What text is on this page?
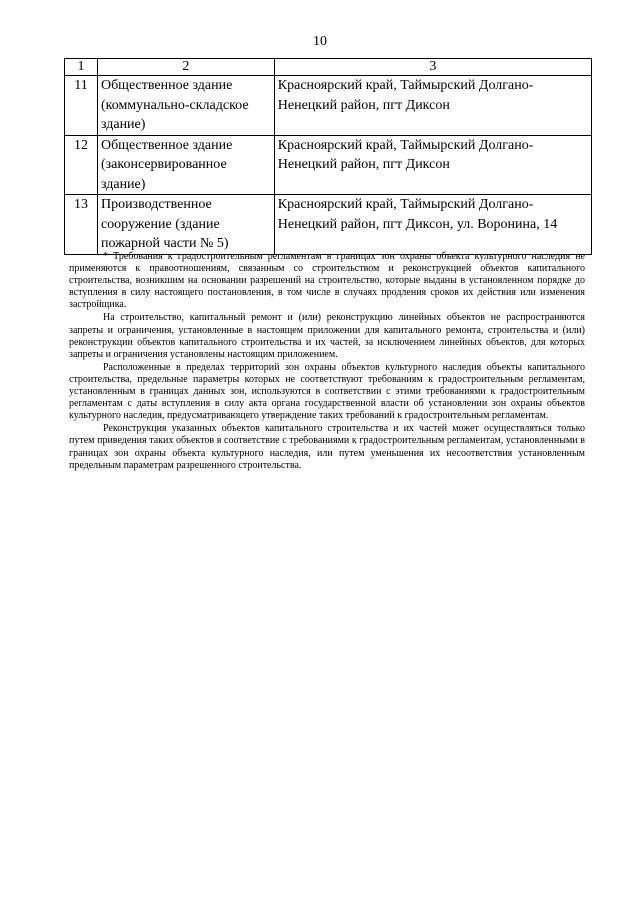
10
1	2	3
11	Общественное здание (коммунально-складское здание)	Красноярский край, Таймырский Долгано-Ненецкий район, пгт Диксон
12	Общественное здание (законсервированное здание)	Красноярский край, Таймырский Долгано-Ненецкий район, пгт Диксон
13	Производственное сооружение (здание пожарной части № 5)	Красноярский край, Таймырский Долгано-Ненецкий район, пгт Диксон, ул. Воронина, 14

* Требования к градостроительным регламентам в границах зон охраны объекта культурного наследия не применяются к правоотношениям, связанным со строительством и реконструкцией объектов капитального строительства, возникшим на основании разрешений на строительство, которые выданы в установленном порядке до вступления в силу настоящего постановления, в том числе в случаях продления сроков их действия или изменения застройщика.

На строительство, капитальный ремонт и (или) реконструкцию линейных объектов не распространяются запреты и ограничения, установленные в настоящем приложении для капитального ремонта, строительства и (или) реконструкции объектов капитального строительства и их частей, за исключением линейных объектов, для которых запреты и ограничения установлены настоящим приложением.

Расположенные в пределах территорий зон охраны объектов культурного наследия объекты капитального строительства, предельные параметры которых не соответствуют требованиям к градостроительным регламентам, установленным в границах данных зон, используются в соответствии с этими требованиями к градостроительным регламентам с даты вступления в силу акта органа государственной власти об установлении зон охраны объектов культурного наследия, предусматривающего утверждение таких требований к градостроительным регламентам.

Реконструкция указанных объектов капитального строительства и их частей может осуществляться только путем приведения таких объектов в соответствие с требованиями к градостроительным регламентам, установленными в границах зон охраны объекта культурного наследия, или путем уменьшения их несоответствия установленным предельным параметрам разрешенного строительства.
